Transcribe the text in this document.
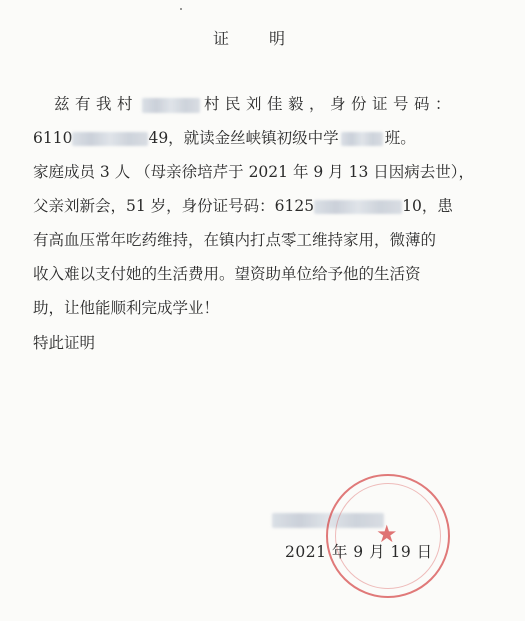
证 明
兹有我村	村民刘佳毅，身份证号码：
6110	49，就读金丝峡镇初级中学	班。
家庭成员 3 人 （母亲徐培芹于 2021 年 9 月 13 日因病去世），
父亲刘新会，51 岁，身份证号码：6125	10，患
有高血压常年吃药维持，在镇内打点零工维持家用，微薄的
收入难以支付她的生活费用。望资助单位给予他的生活资
助，让他能顺利完成学业！
特此证明
★
2021 年 9 月 19 日
